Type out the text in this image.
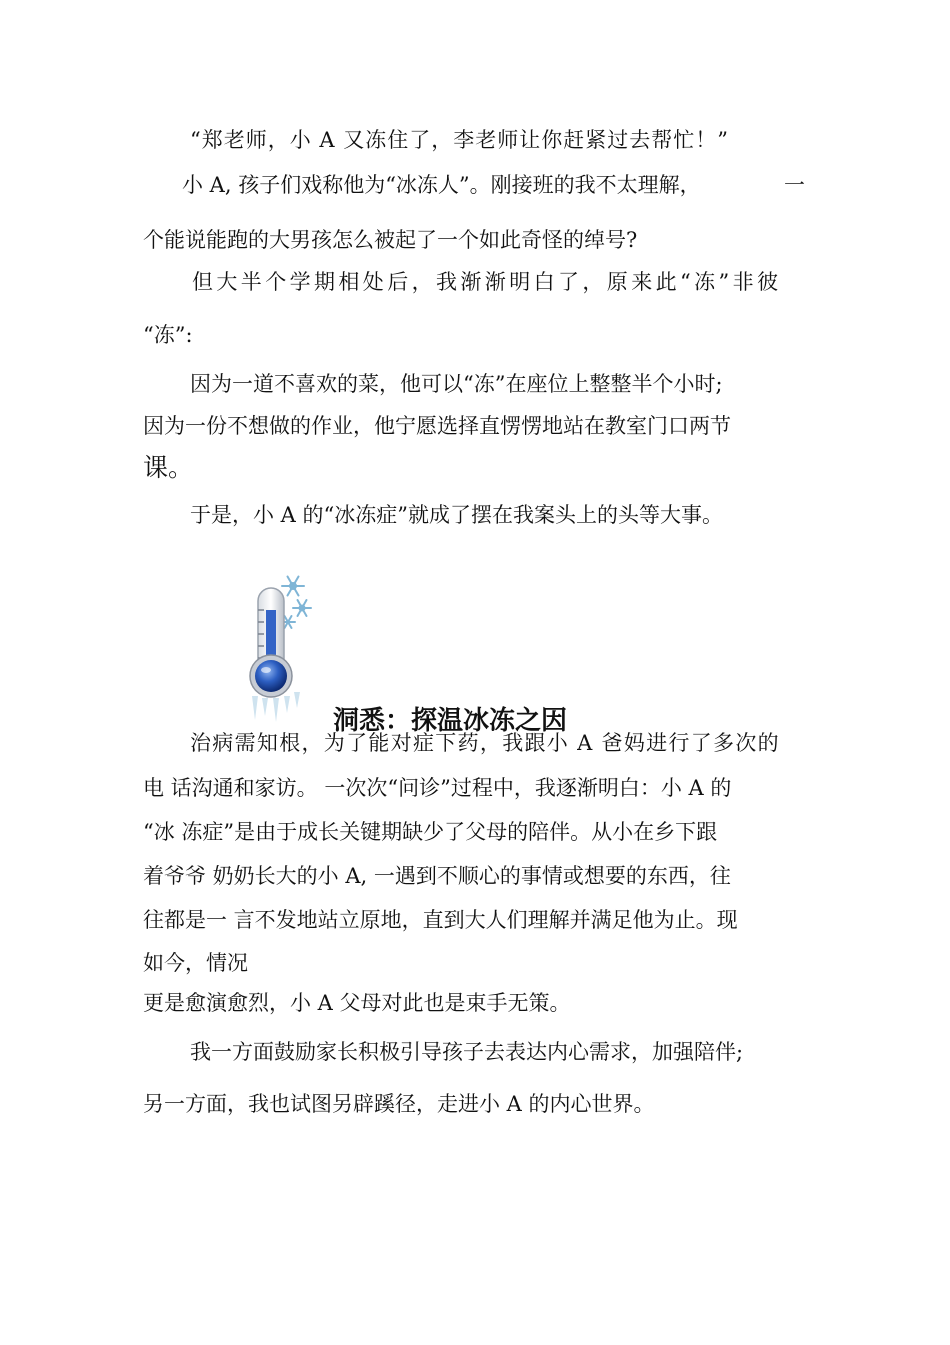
“郑老师，小 A 又冻住了，李老师让你赶紧过去帮忙！”
小 A, 孩子们戏称他为“冰冻人”。刚接班的我不太理解，	一
个能说能跑的大男孩怎么被起了一个如此奇怪的绰号?
但大半个学期相处后，我渐渐明白了，原来此“冻”非彼
“冻”:
因为一道不喜欢的菜，他可以“冻”在座位上整整半个小时;
因为一份不想做的作业，他宁愿选择直愣愣地站在教室门口两节
课。
于是，小 A 的“冰冻症”就成了摆在我案头上的头等大事。
洞悉：探温冰冻之因
治病需知根，为了能对症下药，我跟小 A 爸妈进行了多次的
电 话沟通和家访。 一次次“问诊”过程中，我逐渐明白：小 A 的
“冰 冻症”是由于成长关键期缺少了父母的陪伴。从小在乡下跟
着爷爷 奶奶长大的小 A, 一遇到不顺心的事情或想要的东西，往
往都是一 言不发地站立原地，直到大人们理解并满足他为止。现
如今，情况
更是愈演愈烈，小 A 父母对此也是束手无策。
我一方面鼓励家长积极引导孩子去表达内心需求，加强陪伴;
另一方面，我也试图另辟蹊径，走进小 A 的内心世界。
